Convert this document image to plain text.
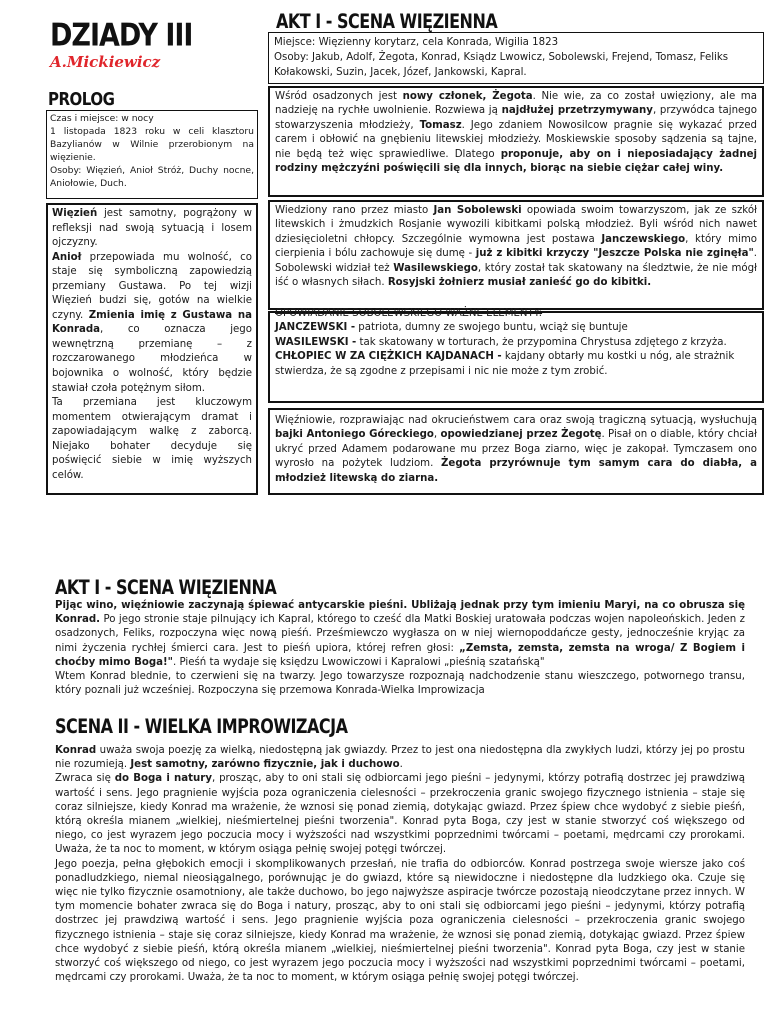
DZIADY III
A.Mickiewicz
PROLOG
Czas i miejsce: w nocy
1 listopada 1823 roku w celi klasztoru Bazylianów w Wilnie przerobionym na więzienie.
Osoby: Więzień, Anioł Stróż, Duchy nocne, Aniołowie, Duch.
Więzień jest samotny, pogrążony w refleksji nad swoją sytuacją i losem ojczyzny.
Anioł przepowiada mu wolność, co staje się symboliczną zapowiedzią przemiany Gustawa. Po tej wizji Więzień budzi się, gotów na wielkie czyny. Zmienia imię z Gustawa na Konrada, co oznacza jego wewnętrzną przemianę – z rozczarowanego młodzieńca w bojownika o wolność, który będzie stawiał czoła potężnym siłom.
Ta przemiana jest kluczowym momentem otwierającym dramat i zapowiadającym walkę z zaborcą. Niejako bohater decyduje się poświęcić siebie w imię wyższych celów.
AKT I - SCENA WIĘZIENNA
Miejsce: Więzienny korytarz, cela Konrada, Wigilia 1823
Osoby: Jakub, Adolf, Żegota, Konrad, Ksiądz Lwowicz, Sobolewski, Frejend, Tomasz, Feliks Kołakowski, Suzin, Jacek, Józef, Jankowski, Kapral.
Wśród osadzonych jest nowy członek, Żegota. Nie wie, za co został uwięziony, ale ma nadzieję na rychłe uwolnienie. Rozwiewa ją najdłużej przetrzymywany, przywódca tajnego stowarzyszenia młodzieży, Tomasz. Jego zdaniem Nowosilcow pragnie się wykazać przed carem i obłowić na gnębieniu litewskiej młodzieży. Moskiewskie sposoby sądzenia są tajne, nie będą też więc sprawiedliwe. Dlatego proponuje, aby on i nieposiadający żadnej rodziny mężczyźni poświęcili się dla innych, biorąc na siebie ciężar całej winy.
Wiedziony rano przez miasto Jan Sobolewski opowiada swoim towarzyszom, jak ze szkół litewskich i żmudzkich Rosjanie wywozili kibitkami polską młodzież. Byli wśród nich nawet dziesięcioletni chłopcy. Szczególnie wymowna jest postawa Janczewskiego, który mimo cierpienia i bólu zachowuje się dumę - już z kibitki krzyczy "Jeszcze Polska nie zginęła". Sobolewski widział też Wasilewskiego, który został tak skatowany na śledztwie, że nie mógł iść o własnych siłach. Rosyjski żołnierz musiał zanieść go do kibitki.
OPOWIADANIE SOBOLEWSKIEGO WAŻNE ELEMENTY:
JANCZEWSKI - patriota, dumny ze swojego buntu, wciąż się buntuje
WASILEWSKI - tak skatowany w torturach, że przypomina Chrystusa zdjętego z krzyża.
CHŁOPIEC W ZA CIĘŻKICH KAJDANACH - kajdany obtarły mu kostki u nóg, ale strażnik stwierdza, że są zgodne z przepisami i nic nie może z tym zrobić.
Więźniowie, rozprawiając nad okrucieństwem cara oraz swoją tragiczną sytuacją, wysłuchują bajki Antoniego Góreckiego, opowiedzianej przez Żegotę. Pisał on o diable, który chciał ukryć przed Adamem podarowane mu przez Boga ziarno, więc je zakopał. Tymczasem ono wyrosło na pożytek ludziom. Żegota przyrównuje tym samym cara do diabła, a młodzież litewską do ziarna.
AKT I - SCENA WIĘZIENNA
Pijąc wino, więźniowie zaczynają śpiewać antycarskie pieśni. Ubliżają jednak przy tym imieniu Maryi, na co obrusza się Konrad. Po jego stronie staje pilnujący ich Kapral, którego to cześć dla Matki Boskiej uratowała podczas wojen napoleońskich. Jeden z osadzonych, Feliks, rozpoczyna więc nową pieśń. Prześmiewczo wygłasza on w niej wiernopoddańcze gesty, jednocześnie kryjąc za nimi życzenia rychłej śmierci cara. Jest to pieśń upiora, której refren głosi: „Zemsta, zemsta, zemsta na wroga/ Z Bogiem i choćby mimo Boga!". Pieśń ta wydaje się księdzu Lwowiczowi i Kapralowi „pieśnią szatańską"
Wtem Konrad blednie, to czerwieni się na twarzy. Jego towarzysze rozpoznają nadchodzenie stanu wieszczego, potwornego transu, który poznali już wcześniej. Rozpoczyna się przemowa Konrada-Wielka Improwizacja
SCENA II - WIELKA IMPROWIZACJA
Konrad uważa swoja poezję za wielką, niedostępną jak gwiazdy. Przez to jest ona niedostępna dla zwykłych ludzi, którzy jej po prostu nie rozumieją. Jest samotny, zarówno fizycznie, jak i duchowo.
Zwraca się do Boga i natury, prosząc, aby to oni stali się odbiorcami jego pieśni – jedynymi, którzy potrafią dostrzec jej prawdziwą wartość i sens. Jego pragnienie wyjścia poza ograniczenia cielesności – przekroczenia granic swojego fizycznego istnienia – staje się coraz silniejsze, kiedy Konrad ma wrażenie, że wznosi się ponad ziemią, dotykając gwiazd. Przez śpiew chce wydobyć z siebie pieśń, którą określa mianem „wielkiej, nieśmiertelnej pieśni tworzenia". Konrad pyta Boga, czy jest w stanie stworzyć coś większego od niego, co jest wyrazem jego poczucia mocy i wyższości nad wszystkimi poprzednimi twórcami – poetami, mędrcami czy prorokami. Uważa, że ta noc to moment, w którym osiąga pełnię swojej potęgi twórczej.
Jego poezja, pełna głębokich emocji i skomplikowanych przesłań, nie trafia do odbiorców. Konrad postrzega swoje wiersze jako coś ponadludzkiego, niemal nieosiągalnego, porównując je do gwiazd, które są niewidoczne i niedostępne dla ludzkiego oka. Czuje się więc nie tylko fizycznie osamotniony, ale także duchowo, bo jego najwyższe aspiracje twórcze pozostają nieodczytane przez innych. W tym momencie bohater zwraca się do Boga i natury, prosząc, aby to oni stali się odbiorcami jego pieśni – jedynymi, którzy potrafią dostrzec jej prawdziwą wartość i sens. Jego pragnienie wyjścia poza ograniczenia cielesności – przekroczenia granic swojego fizycznego istnienia – staje się coraz silniejsze, kiedy Konrad ma wrażenie, że wznosi się ponad ziemią, dotykając gwiazd. Przez śpiew chce wydobyć z siebie pieśń, którą określa mianem „wielkiej, nieśmiertelnej pieśni tworzenia". Konrad pyta Boga, czy jest w stanie stworzyć coś większego od niego, co jest wyrazem jego poczucia mocy i wyższości nad wszystkimi poprzednimi twórcami – poetami, mędrcami czy prorokami. Uważa, że ta noc to moment, w którym osiąga pełnię swojej potęgi twórczej.
